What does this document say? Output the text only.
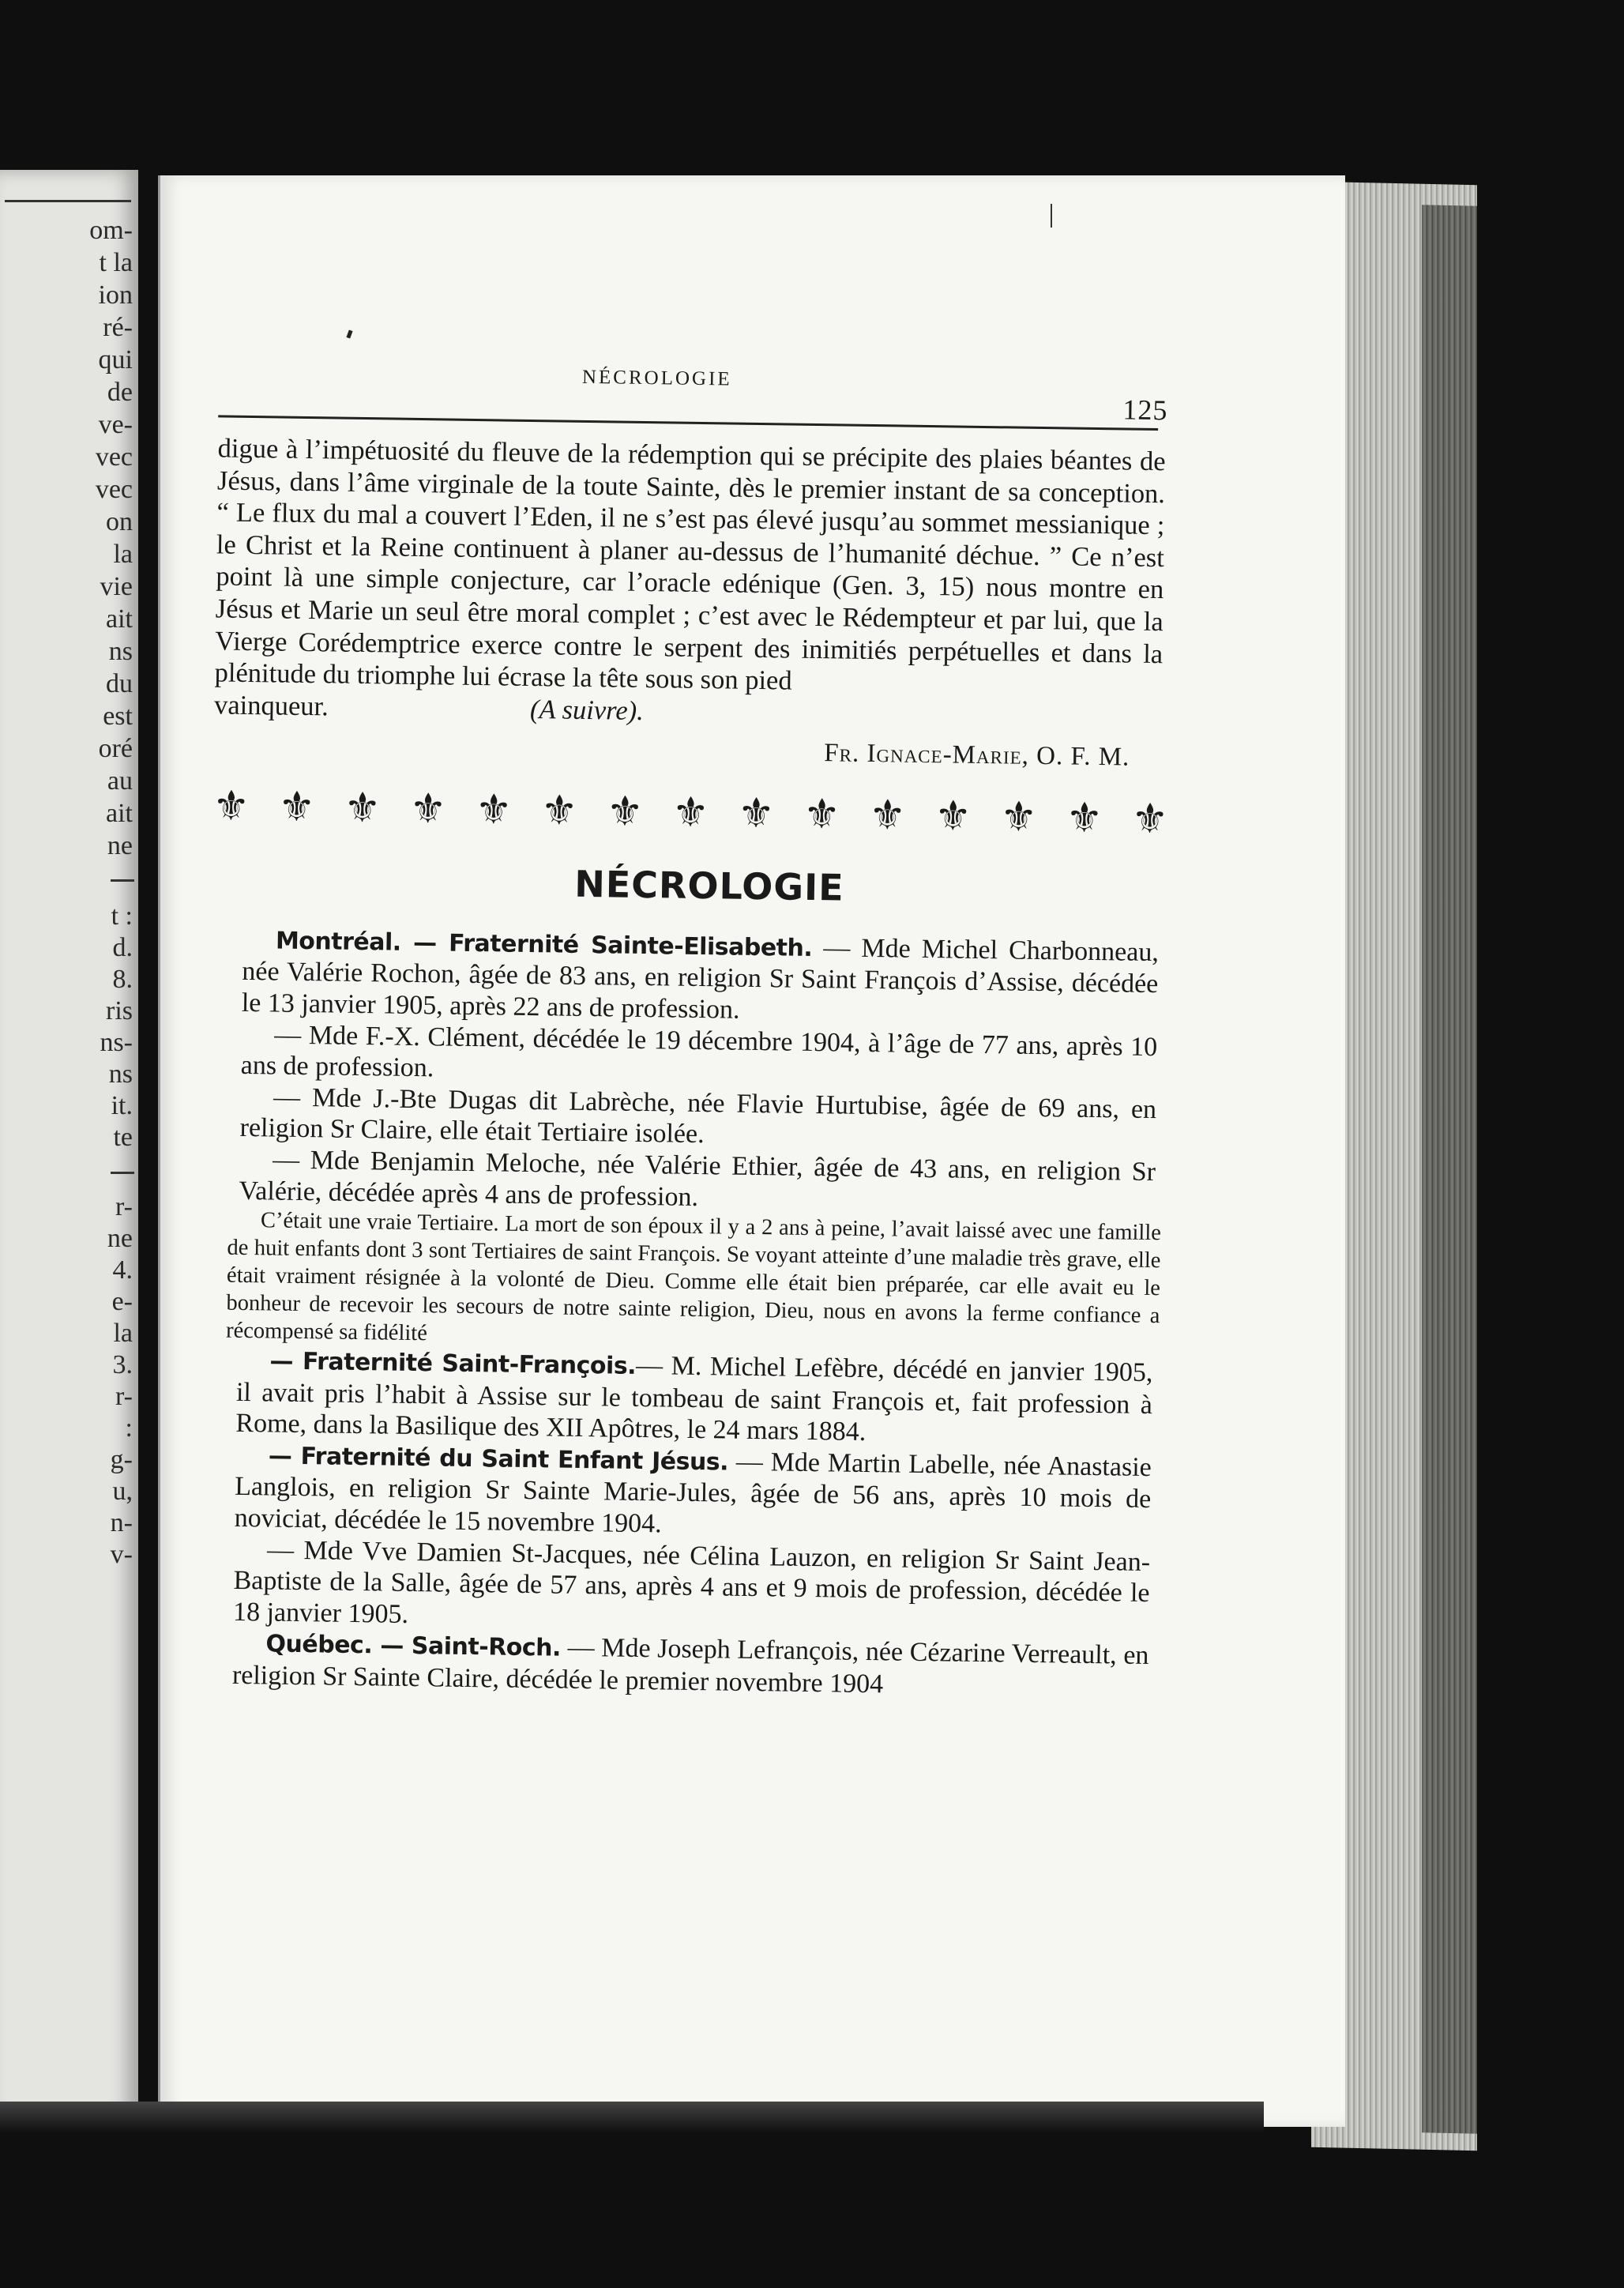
om-
t la
ion
ré-
qui
de
ve-
vec
vec
on
la
vie
ait
ns
du
est
oré
au
ait
ne
t :
d.
8.
ris
ns-
ns
it.
te
r-
ne
4.
e-
la
3.
r-
:
g-
u,
n-
v-
NÉCROLOGIE
125

digue à l’impétuosité du fleuve de la rédemption qui se précipite des plaies béantes de Jésus, dans l’âme virginale de la toute Sainte, dès le premier instant de sa conception. “ Le flux du mal a couvert l’Eden, il ne s’est pas élevé jusqu’au sommet messianique ; le Christ et la Reine continuent à planer au-dessus de l’humanité déchue. ” Ce n’est point là une simple conjecture, car l’oracle edénique (Gen. 3, 15) nous montre en Jésus et Marie un seul être moral complet ; c’est avec le Rédempteur et par lui, que la Vierge Corédemptrice exerce contre le serpent des inimitiés perpétuelles et dans la plénitude du triomphe lui écrase la tête sous son pied

vainqueur.	(A suivre).
Fr. Ignace-Marie, O. F. M.
⚜ ⚜ ⚜ ⚜ ⚜ ⚜ ⚜ ⚜ ⚜ ⚜ ⚜ ⚜ ⚜ ⚜ ⚜
NÉCROLOGIE

Montréal. — Fraternité Sainte-Elisabeth. — Mde Michel Charbonneau, née Valérie Rochon, âgée de 83 ans, en religion Sr Saint François d’Assise, décédée le 13 janvier 1905, après 22 ans de profession.

— Mde F.-X. Clément, décédée le 19 décembre 1904, à l’âge de 77 ans, après 10 ans de profession.

— Mde J.-Bte Dugas dit Labrèche, née Flavie Hurtubise, âgée de 69 ans, en religion Sr Claire, elle était Tertiaire isolée.

— Mde Benjamin Meloche, née Valérie Ethier, âgée de 43 ans, en religion Sr Valérie, décédée après 4 ans de profession.

C’était une vraie Tertiaire. La mort de son époux il y a 2 ans à peine, l’avait laissé avec une famille de huit enfants dont 3 sont Tertiaires de saint François. Se voyant atteinte d’une maladie très grave, elle était vraiment résignée à la volonté de Dieu. Comme elle était bien préparée, car elle avait eu le bonheur de recevoir les secours de notre sainte religion, Dieu, nous en avons la ferme confiance a récompensé sa fidélité

— Fraternité Saint-François.— M. Michel Lefèbre, décédé en janvier 1905, il avait pris l’habit à Assise sur le tombeau de saint François et, fait profession à Rome, dans la Basilique des XII Apôtres, le 24 mars 1884.

— Fraternité du Saint Enfant Jésus. — Mde Martin Labelle, née Anastasie Langlois, en religion Sr Sainte Marie-Jules, âgée de 56 ans, après 10 mois de noviciat, décédée le 15 novembre 1904.

— Mde Vve Damien St-Jacques, née Célina Lauzon, en religion Sr Saint Jean-Baptiste de la Salle, âgée de 57 ans, après 4 ans et 9 mois de profession, décédée le 18 janvier 1905.

Québec. — Saint-Roch. — Mde Joseph Lefrançois, née Cézarine Verreault, en religion Sr Sainte Claire, décédée le premier novembre 1904
